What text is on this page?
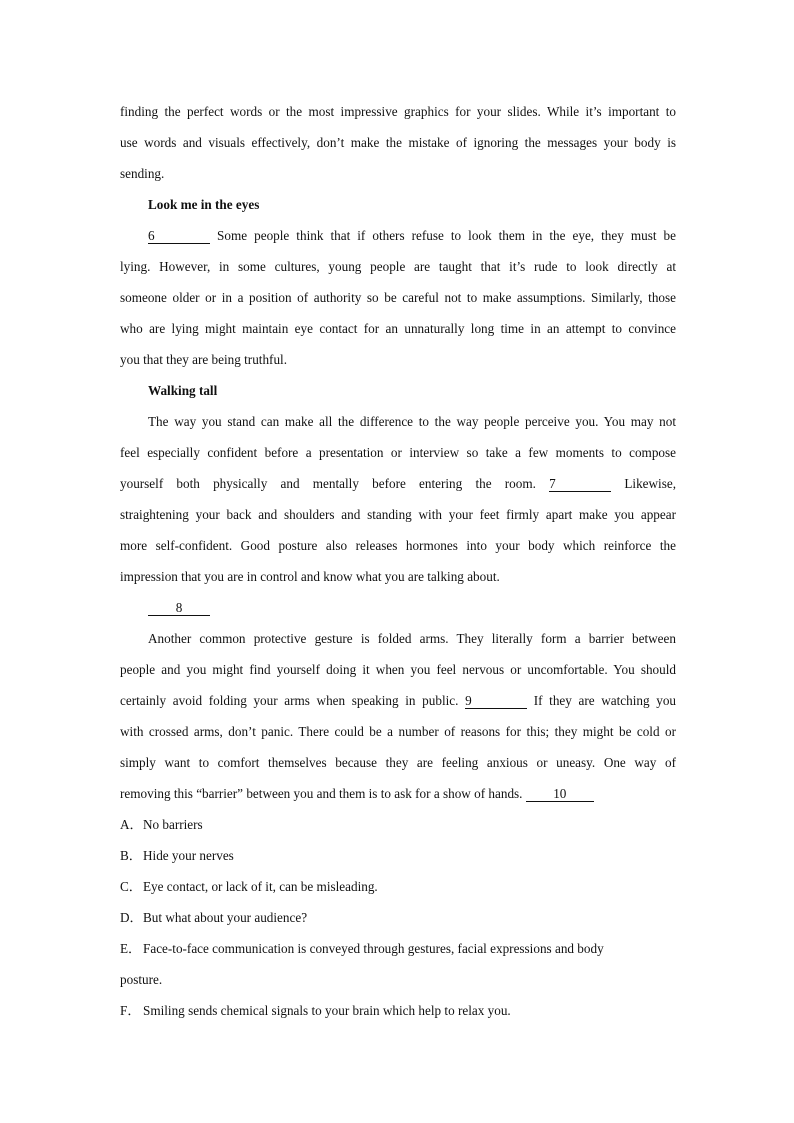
finding the perfect words or the most impressive graphics for your slides. While it’s important to
use words and visuals effectively, don’t make the mistake of ignoring the messages your body is
sending.
Look me in the eyes
6	Some people think that if others refuse to look them in the eye, they must be
lying. However, in some cultures, young people are taught that it’s rude to look directly at
someone older or in a position of authority so be careful not to make assumptions. Similarly, those
who are lying might maintain eye contact for an unnaturally long time in an attempt to convince
you that they are being truthful.
Walking tall
The way you stand can make all the difference to the way people perceive you. You may not
feel especially confident before a presentation or interview so take a few moments to compose
yourself both physically and mentally before entering the room. 7	Likewise,
straightening your back and shoulders and standing with your feet firmly apart make you appear
more self-confident. Good posture also releases hormones into your body which reinforce the
impression that you are in control and know what you are talking about.
8
Another common protective gesture is folded arms. They literally form a barrier between
people and you might find yourself doing it when you feel nervous or uncomfortable. You should
certainly avoid folding your arms when speaking in public. 9	If they are watching you
with crossed arms, don’t panic. There could be a number of reasons for this; they might be cold or
simply want to comfort themselves because they are feeling anxious or uneasy. One way of
removing this “barrier” between you and them is to ask for a show of hands. 10
A．No barriers
B．Hide your nerves
C．Eye contact, or lack of it, can be misleading.
D．But what about your audience?
E． Face-to-face communication is conveyed through gestures, facial expressions and body
posture.
F． Smiling sends chemical signals to your brain which help to relax you.
